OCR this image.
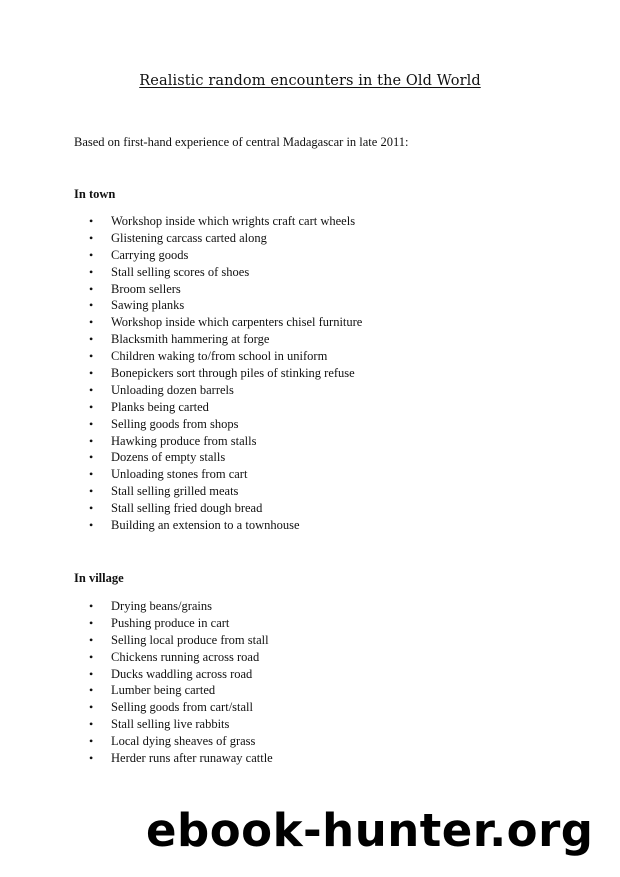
Realistic random encounters in the Old World
Based on first-hand experience of central Madagascar in late 2011:
In town
• Workshop inside which wrights craft cart wheels
• Glistening carcass carted along
• Carrying goods
• Stall selling scores of shoes
• Broom sellers
• Sawing planks
• Workshop inside which carpenters chisel furniture
• Blacksmith hammering at forge
• Children waking to/from school in uniform
• Bonepickers sort through piles of stinking refuse
• Unloading dozen barrels
• Planks being carted
• Selling goods from shops
• Hawking produce from stalls
• Dozens of empty stalls
• Unloading stones from cart
• Stall selling grilled meats
• Stall selling fried dough bread
• Building an extension to a townhouse
In village
• Drying beans/grains
• Pushing produce in cart
• Selling local produce from stall
• Chickens running across road
• Ducks waddling across road
• Lumber being carted
• Selling goods from cart/stall
• Stall selling live rabbits
• Local dying sheaves of grass
• Herder runs after runaway cattle
ebook-hunter.org
